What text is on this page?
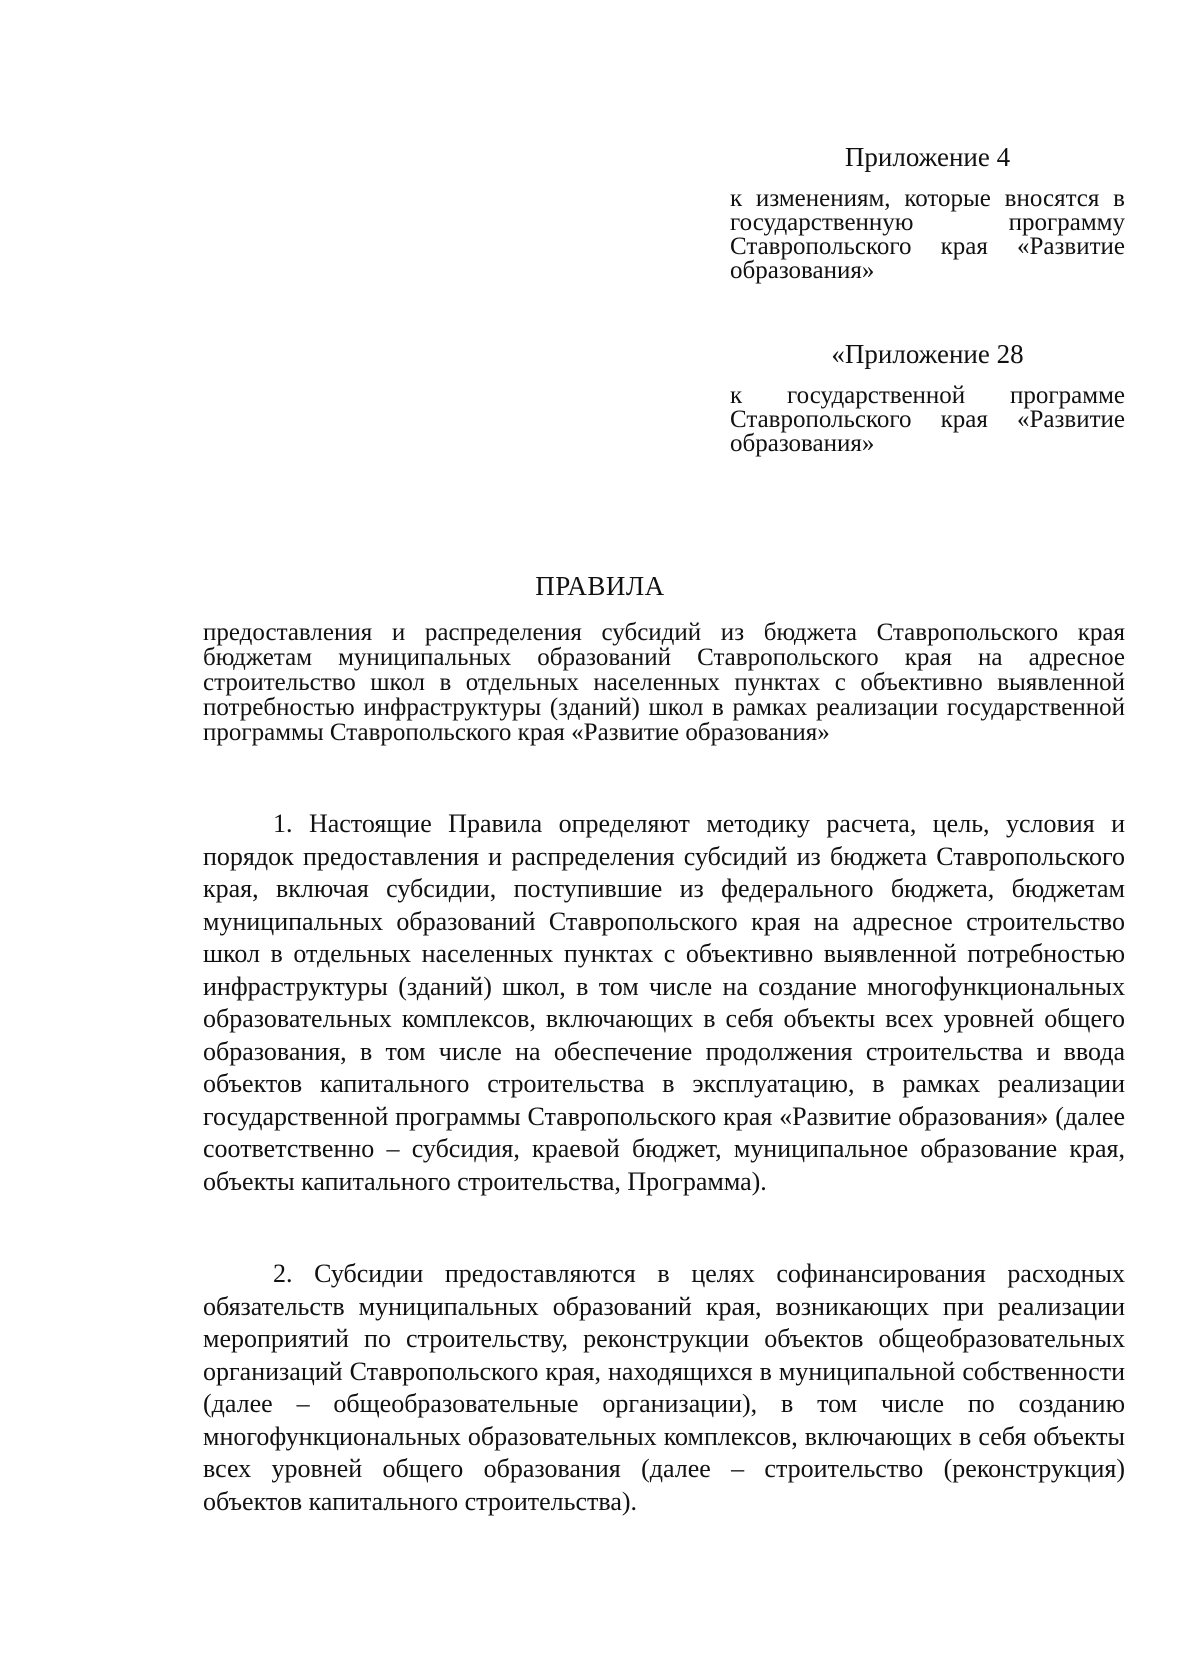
Приложение 4
к изменениям, которые вносятся в государственную программу Ставропольского края «Развитие образования»
«Приложение 28
к государственной программе Ставропольского края «Развитие образования»
ПРАВИЛА
предоставления и распределения субсидий из бюджета Ставропольского края бюджетам муниципальных образований Ставропольского края на адресное строительство школ в отдельных населенных пунктах с объективно выявленной потребностью инфраструктуры (зданий) школ в рамках реализации государственной программы Ставропольского края «Развитие образования»
1. Настоящие Правила определяют методику расчета, цель, условия и порядок предоставления и распределения субсидий из бюджета Ставропольского края, включая субсидии, поступившие из федерального бюджета, бюджетам муниципальных образований Ставропольского края на адресное строительство школ в отдельных населенных пунктах с объективно выявленной потребностью инфраструктуры (зданий) школ, в том числе на создание многофункциональных образовательных комплексов, включающих в себя объекты всех уровней общего образования, в том числе на обеспечение продолжения строительства и ввода объектов капитального строительства в эксплуатацию, в рамках реализации государственной программы Ставропольского края «Развитие образования» (далее соответственно – субсидия, краевой бюджет, муниципальное образование края, объекты капитального строительства, Программа).
2. Субсидии предоставляются в целях софинансирования расходных обязательств муниципальных образований края, возникающих при реализации мероприятий по строительству, реконструкции объектов общеобразовательных организаций Ставропольского края, находящихся в муниципальной собственности (далее – общеобразовательные организации), в том числе по созданию многофункциональных образовательных комплексов, включающих в себя объекты всех уровней общего образования (далее – строительство (реконструкция) объектов капитального строительства).
